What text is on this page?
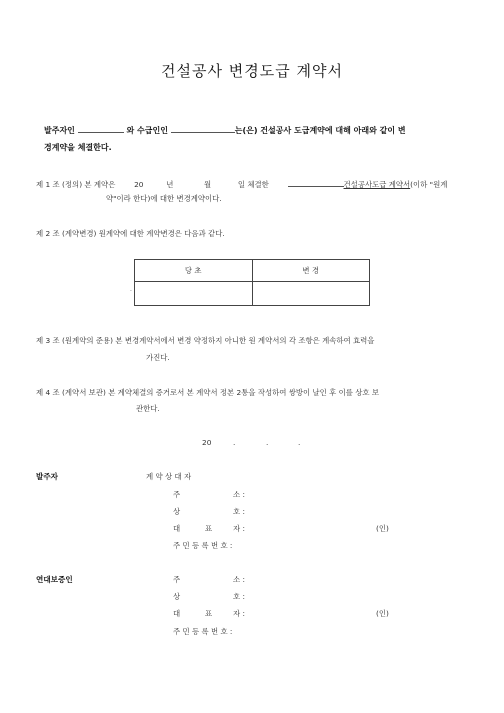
건설공사 변경도급 계약서
발주자인	와 수급인인	는(은) 건설공사 도급계약에 대해 아래와 같이 변
경계약을 체결한다.
제 1 조 (정의) 본 계약은	20	년	월	일 체결한	건설공사도급 계약서(이하 "원계
약"이라 한다)에 대한 변경계약이다.
제 2 조 (계약변경) 원계약에 대한 계약변경은 다음과 같다.
당 초	변 경

·
제 3 조 (원계약의 준용) 본 변경계약서에서 변경 약정하지 아니한 원 계약서의 각 조항은 계속하여 효력을
가진다.
제 4 조 (계약서 보관) 본 계약체결의 증거로서 본 계약서 정본 2통을 작성하여 쌍방이 날인 후 이를 상호 보
관한다.
20	.	.	.
발주자	계 약 상 대 자
주	소 :
상	호 :
대	표	자 :	(인)
주 민 등 록 번 호 :
연대보증인	주	소 :
상	호 :
대	표	자 :	(인)
주 민 등 록 번 호 :
